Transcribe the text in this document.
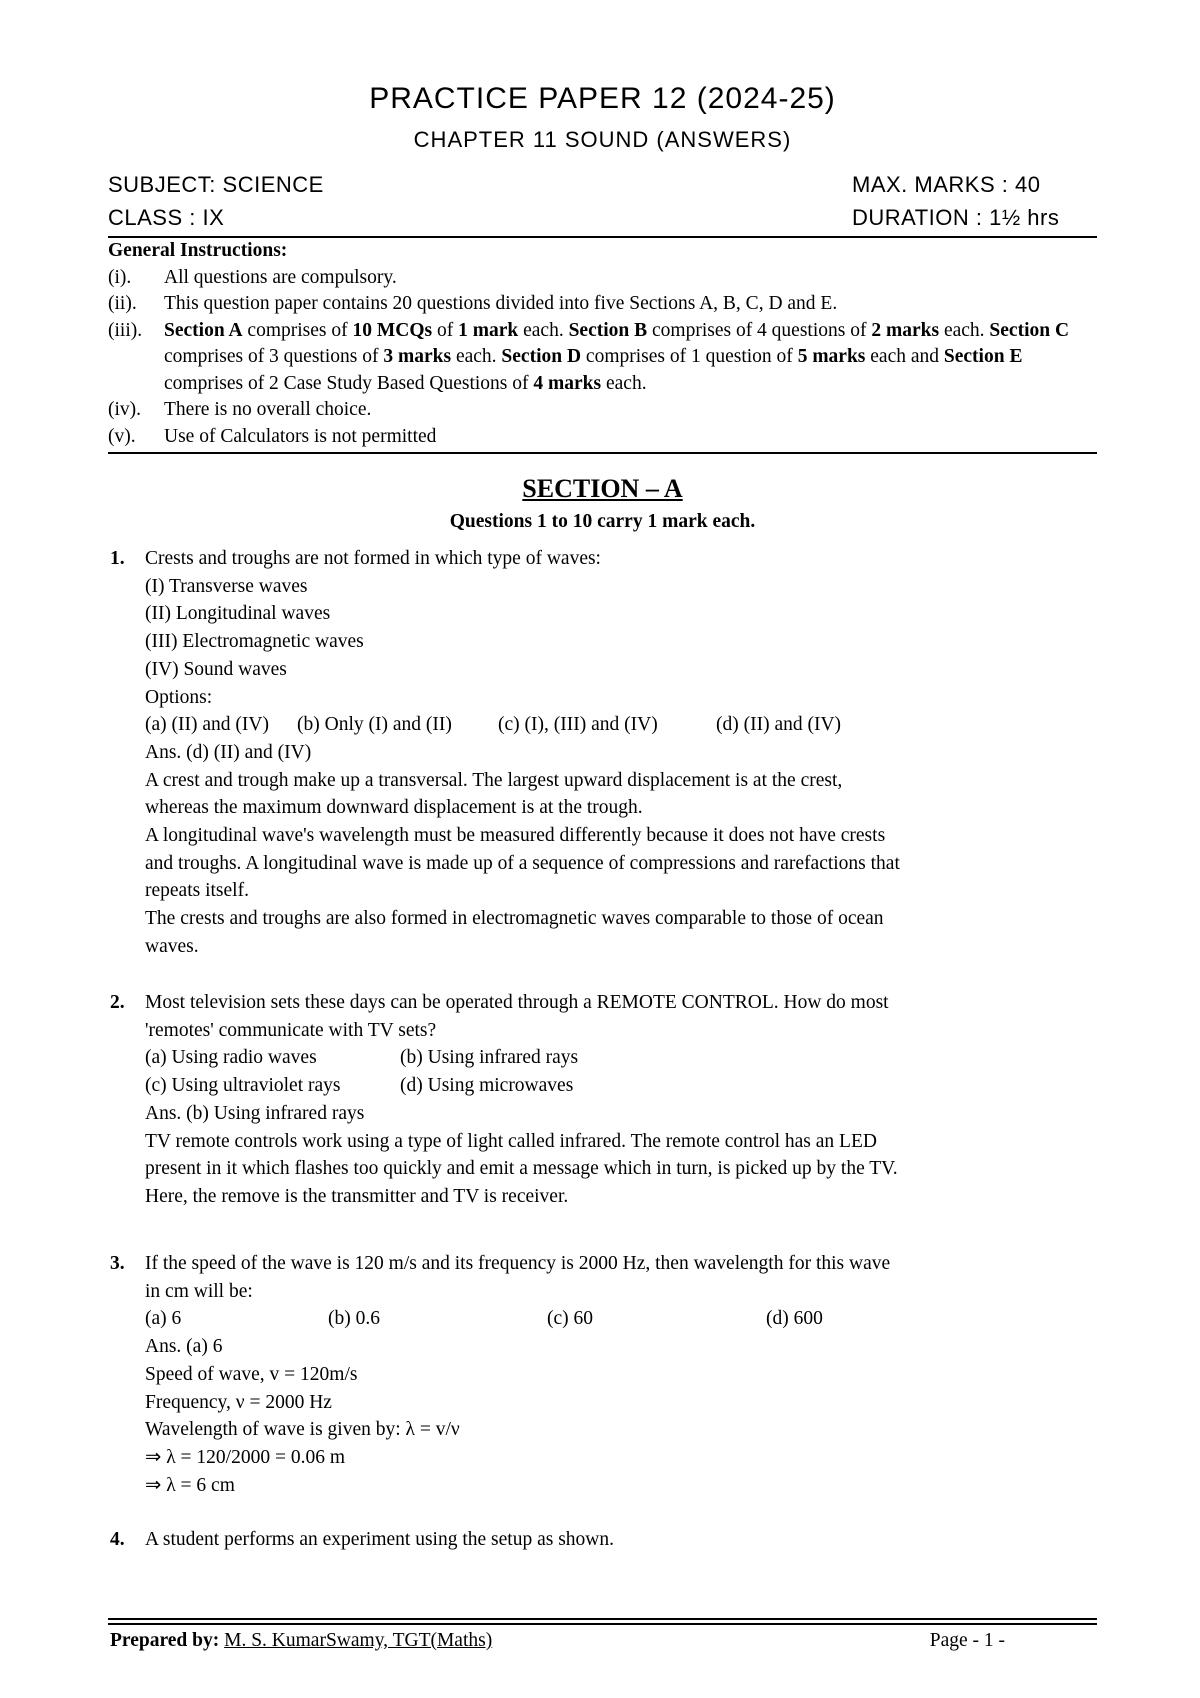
PRACTICE PAPER 12 (2024-25)
CHAPTER 11 SOUND (ANSWERS)
SUBJECT: SCIENCE	MAX. MARKS : 40
CLASS : IX	DURATION : 1½ hrs
General Instructions:
(i).	All questions are compulsory.
(ii).	This question paper contains 20 questions divided into five Sections A, B, C, D and E.
(iii).	Section A comprises of 10 MCQs of 1 mark each. Section B comprises of 4 questions of 2 marks each. Section C comprises of 3 questions of 3 marks each. Section D comprises of 1 question of 5 marks each and Section E comprises of 2 Case Study Based Questions of 4 marks each.
(iv).	There is no overall choice.
(v).	Use of Calculators is not permitted
SECTION – A
Questions 1 to 10 carry 1 mark each.
1. Crests and troughs are not formed in which type of waves:
(I) Transverse waves
(II) Longitudinal waves
(III) Electromagnetic waves
(IV) Sound waves
Options:
(a) (II) and (IV)	(b) Only (I) and (II)	(c) (I), (III) and (IV)	(d) (II) and (IV)
Ans. (d) (II) and (IV)
A crest and trough make up a transversal. The largest upward displacement is at the crest,
whereas the maximum downward displacement is at the trough.
A longitudinal wave's wavelength must be measured differently because it does not have crests
and troughs. A longitudinal wave is made up of a sequence of compressions and rarefactions that
repeats itself.
The crests and troughs are also formed in electromagnetic waves comparable to those of ocean
waves.
2. Most television sets these days can be operated through a REMOTE CONTROL. How do most
'remotes' communicate with TV sets?
(a) Using radio waves	(b) Using infrared rays
(c) Using ultraviolet rays	(d) Using microwaves
Ans. (b) Using infrared rays
TV remote controls work using a type of light called infrared. The remote control has an LED
present in it which flashes too quickly and emit a message which in turn, is picked up by the TV.
Here, the remove is the transmitter and TV is receiver.
3. If the speed of the wave is 120 m/s and its frequency is 2000 Hz, then wavelength for this wave
in cm will be:
(a) 6	(b) 0.6	(c) 60	(d) 600
Ans. (a) 6
Speed of wave, v = 120m/s
Frequency, ν = 2000 Hz
Wavelength of wave is given by: λ = v/ν
⇒ λ = 120/2000 = 0.06 m
⇒ λ = 6 cm
4. A student performs an experiment using the setup as shown.
Prepared by: M. S. KumarSwamy, TGT(Maths)	Page - 1 -
